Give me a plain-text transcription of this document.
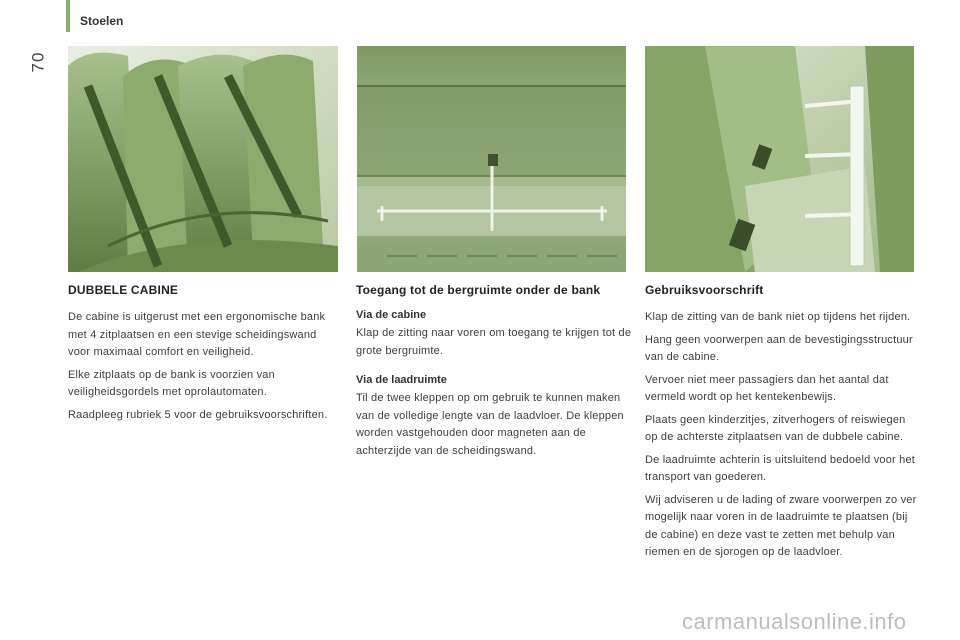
Stoelen
70
DUBBELE CABINE

De cabine is uitgerust met een ergonomische bank met 4 zitplaatsen en een stevige scheidingswand voor maximaal comfort en veiligheid.

Elke zitplaats op de bank is voorzien van veiligheidsgordels met oprolautomaten.

Raadpleeg rubriek 5 voor de gebruiksvoorschriften.

Toegang tot de bergruimte onder de bank
Via de cabine

Klap de zitting naar voren om toegang te krijgen tot de grote bergruimte.

Via de laadruimte

Til de twee kleppen op om gebruik te kunnen maken van de volledige lengte van de laadvloer. De kleppen worden vastgehouden door magneten aan de achterzijde van de scheidingswand.

Gebruiksvoorschrift

Klap de zitting van de bank niet op tijdens het rijden.

Hang geen voorwerpen aan de bevestigingsstructuur van de cabine.

Vervoer niet meer passagiers dan het aantal dat vermeld wordt op het kentekenbewijs.

Plaats geen kinderzitjes, zitverhogers of reiswiegen op de achterste zitplaatsen van de dubbele cabine.

De laadruimte achterin is uitsluitend bedoeld voor het transport van goederen.

Wij adviseren u de lading of zware voorwerpen zo ver mogelijk naar voren in de laadruimte te plaatsen (bij de cabine) en deze vast te zetten met behulp van riemen en de sjorogen op de laadvloer.

carmanualsonline.info
